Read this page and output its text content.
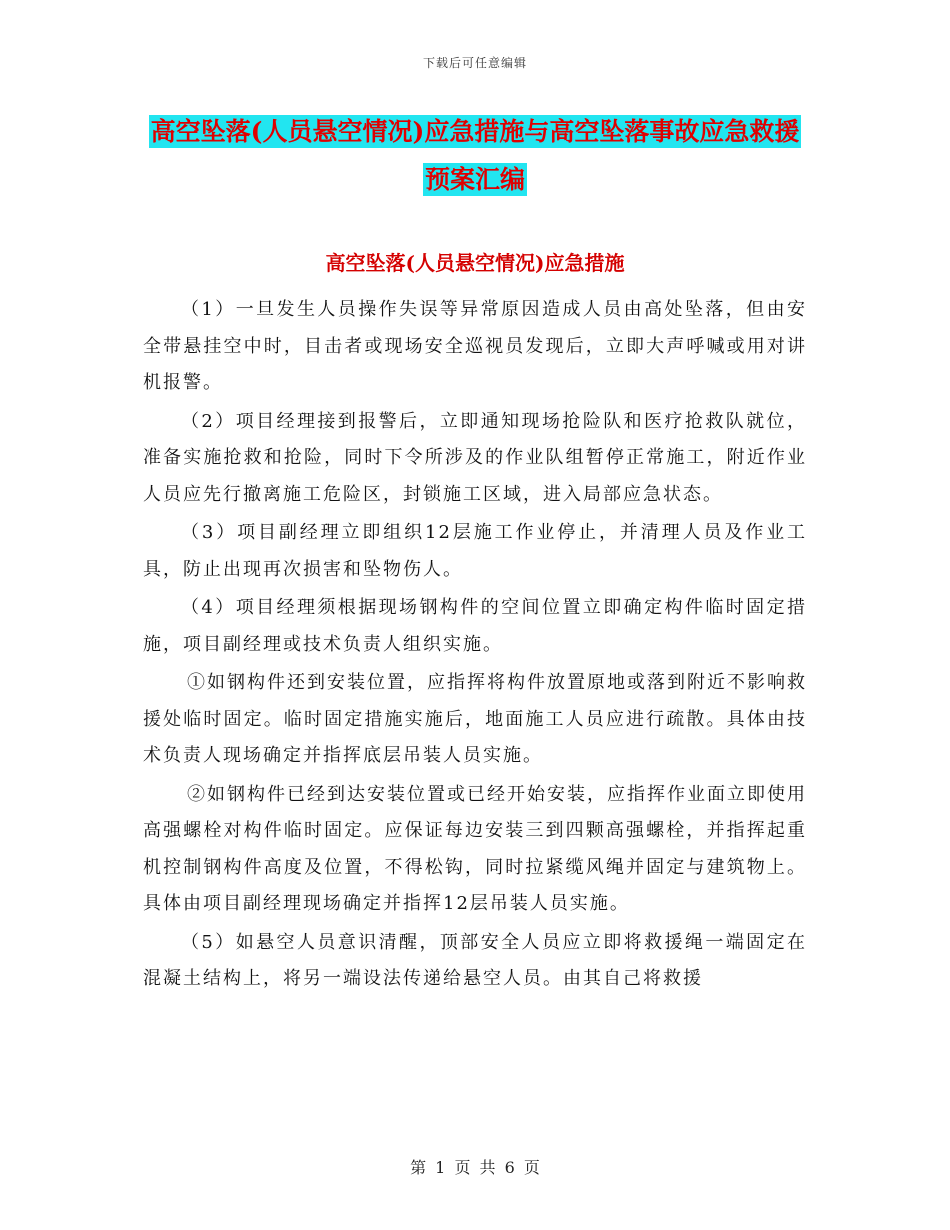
下载后可任意编辑
高空坠落(人员悬空情况)应急措施与高空坠落事故应急救援预案汇编
高空坠落(人员悬空情况)应急措施

（1）一旦发生人员操作失误等异常原因造成人员由高处坠落，但由安全带悬挂空中时，目击者或现场安全巡视员发现后，立即大声呼喊或用对讲机报警。

（2）项目经理接到报警后，立即通知现场抢险队和医疗抢救队就位，准备实施抢救和抢险，同时下令所涉及的作业队组暂停正常施工，附近作业人员应先行撤离施工危险区，封锁施工区域，进入局部应急状态。

（3）项目副经理立即组织12层施工作业停止，并清理人员及作业工具，防止出现再次损害和坠物伤人。

（4）项目经理须根据现场钢构件的空间位置立即确定构件临时固定措施，项目副经理或技术负责人组织实施。

①如钢构件还到安装位置，应指挥将构件放置原地或落到附近不影响救援处临时固定。临时固定措施实施后，地面施工人员应进行疏散。具体由技术负责人现场确定并指挥底层吊装人员实施。

②如钢构件已经到达安装位置或已经开始安装，应指挥作业面立即使用高强螺栓对构件临时固定。应保证每边安装三到四颗高强螺栓，并指挥起重机控制钢构件高度及位置，不得松钩，同时拉紧缆风绳并固定与建筑物上。具体由项目副经理现场确定并指挥12层吊装人员实施。

（5）如悬空人员意识清醒，顶部安全人员应立即将救援绳一端固定在混凝土结构上，将另一端设法传递给悬空人员。由其自己将救援

第 1 页 共 6 页
